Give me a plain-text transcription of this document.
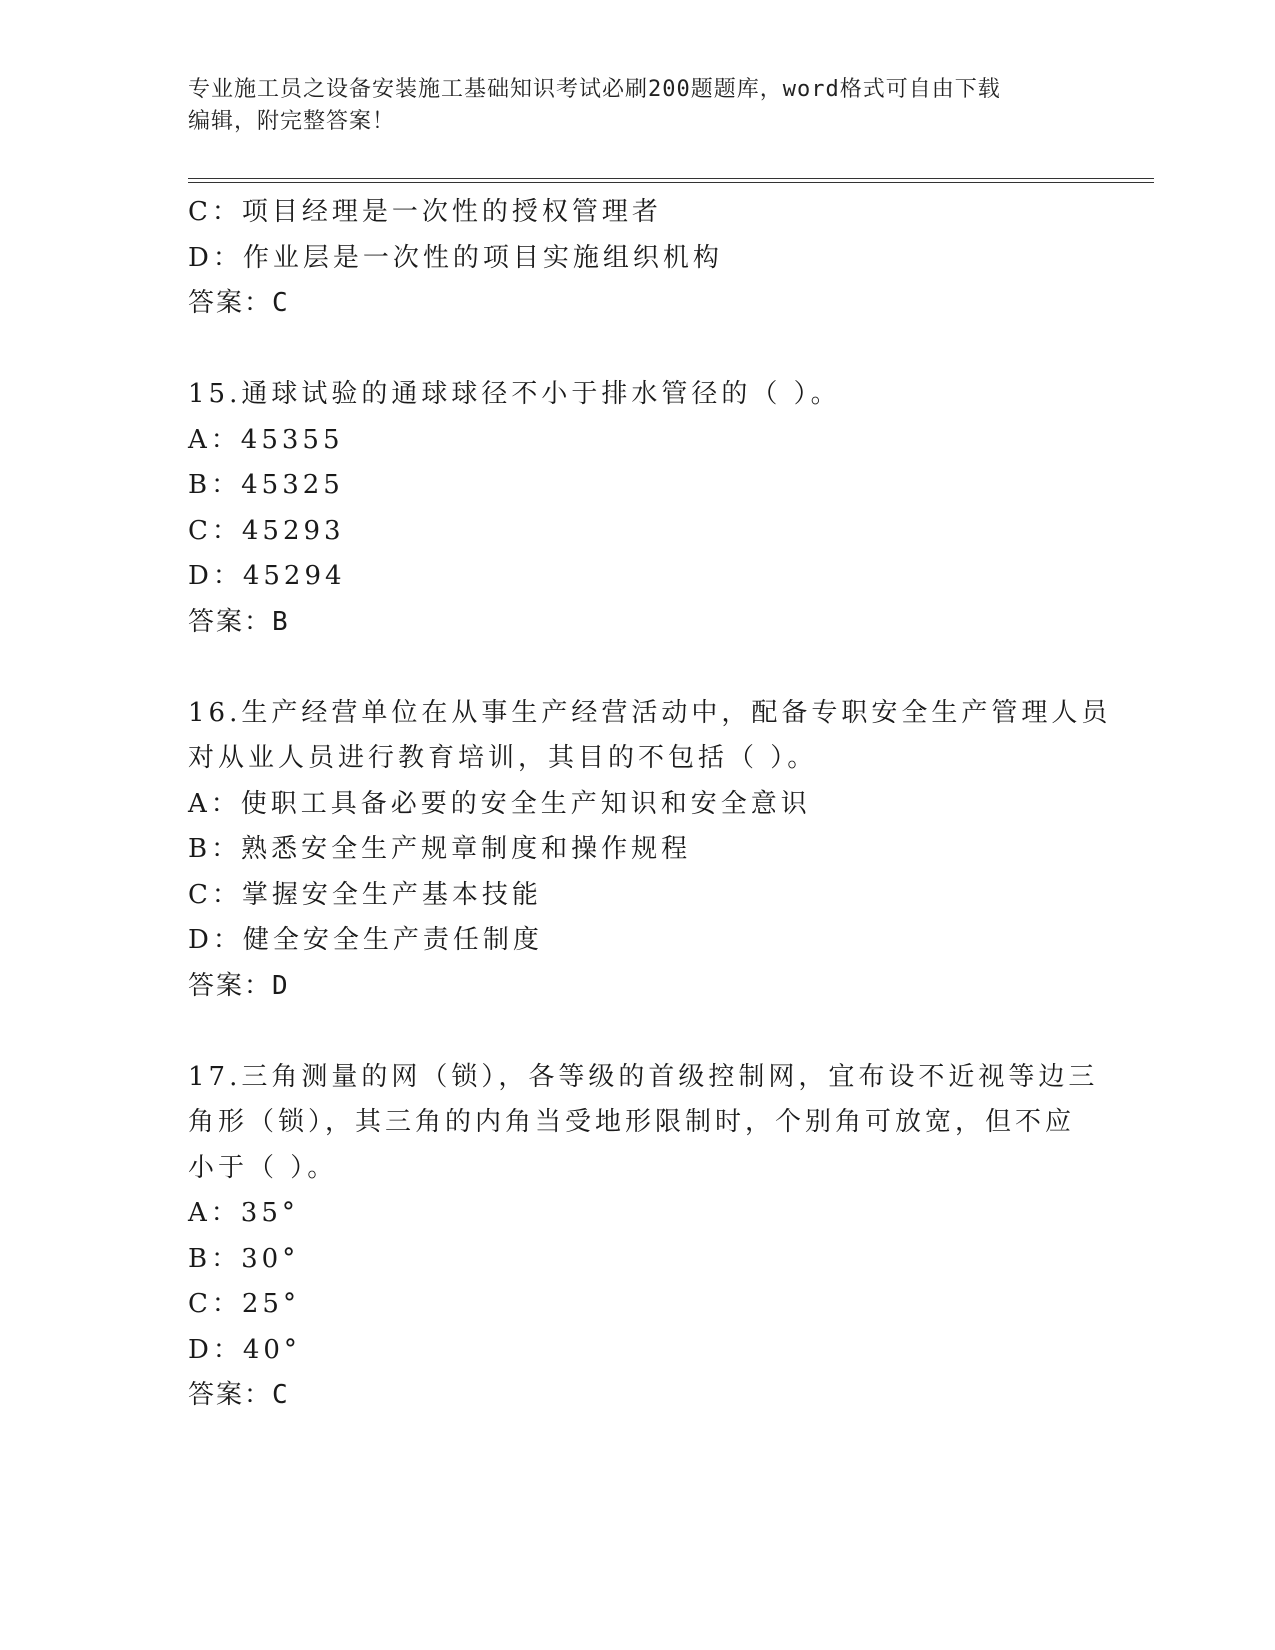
专业施工员之设备安装施工基础知识考试必刷200题题库，word格式可自由下载
编辑，附完整答案！
C：项目经理是一次性的授权管理者
D：作业层是一次性的项目实施组织机构
答案：C
15.通球试验的通球球径不小于排水管径的（ ）。
A：45355
B：45325
C：45293
D：45294
答案：B
16.生产经营单位在从事生产经营活动中，配备专职安全生产管理人员
对从业人员进行教育培训，其目的不包括（ ）。
A：使职工具备必要的安全生产知识和安全意识
B：熟悉安全生产规章制度和操作规程
C：掌握安全生产基本技能
D：健全安全生产责任制度
答案：D
17.三角测量的网（锁），各等级的首级控制网，宜布设不近视等边三
角形（锁），其三角的内角当受地形限制时，个别角可放宽，但不应
小于（ ）。
A：35°
B：30°
C：25°
D：40°
答案：C
